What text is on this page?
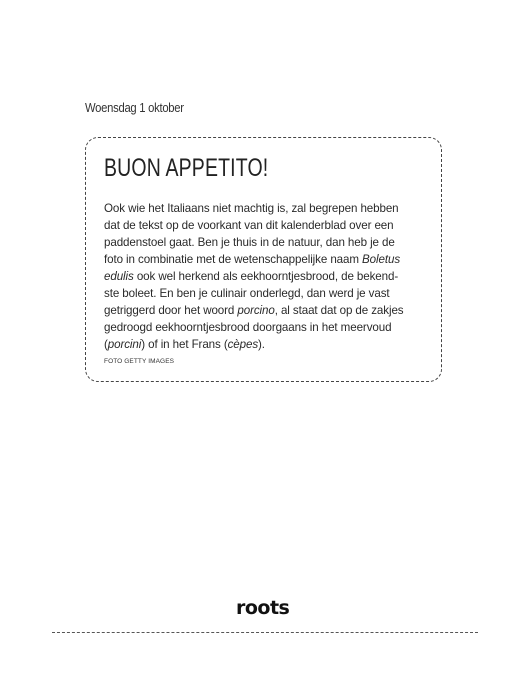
Woensdag 1 oktober
BUON APPETITO!
Ook wie het Italiaans niet machtig is, zal begrepen hebben
dat de tekst op de voorkant van dit kalenderblad over een
paddenstoel gaat. Ben je thuis in de natuur, dan heb je de
foto in combinatie met de wetenschappelijke naam Boletus
edulis ook wel herkend als eekhoorntjesbrood, de bekend-
ste boleet. En ben je culinair onderlegd, dan werd je vast
getriggerd door het woord porcino, al staat dat op de zakjes
gedroogd eekhoorntjesbrood doorgaans in het meervoud
(porcini) of in het Frans (cèpes).
FOTO GETTY IMAGES
roots
